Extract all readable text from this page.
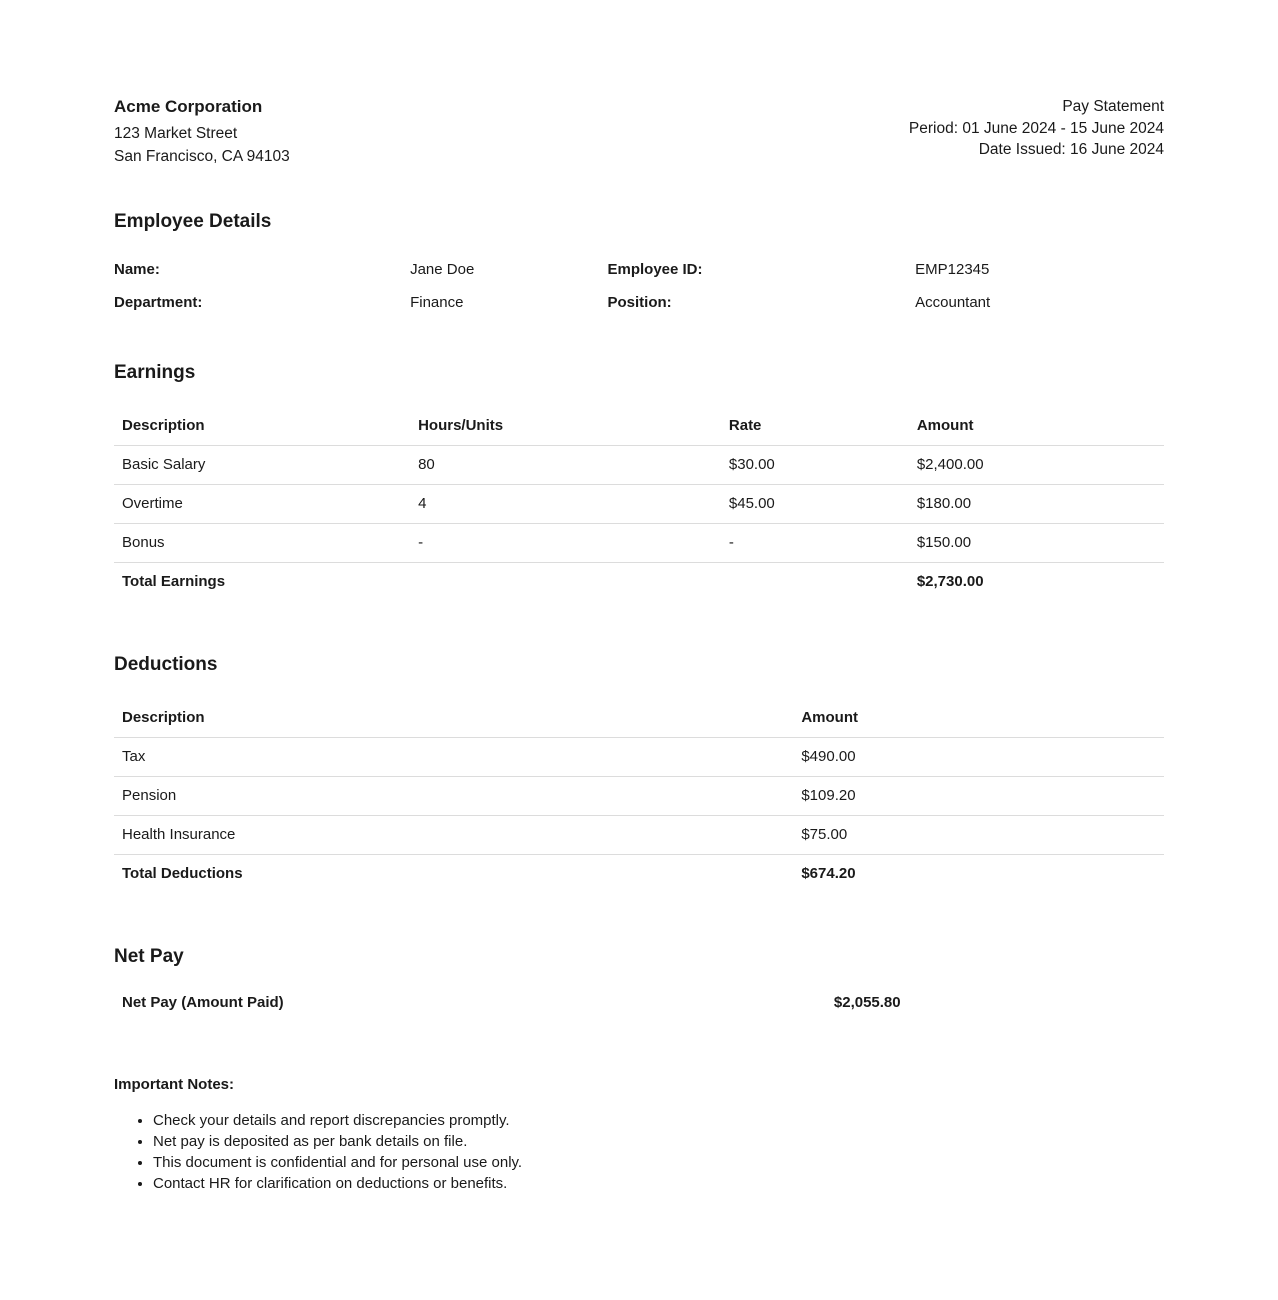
Acme Corporation
123 Market Street
San Francisco, CA 94103
Pay Statement
Period: 01 June 2024 - 15 June 2024
Date Issued: 16 June 2024
Employee Details
Name:	Jane Doe	Employee ID:	EMP12345
Department:	Finance	Position:	Accountant
Earnings
Description	Hours/Units	Rate	Amount
Basic Salary	80	$30.00	$2,400.00
Overtime	4	$45.00	$180.00
Bonus	-	-	$150.00
Total Earnings			$2,730.00
Deductions
Description	Amount
Tax	$490.00
Pension	$109.20
Health Insurance	$75.00
Total Deductions	$674.20
Net Pay
Net Pay (Amount Paid)	$2,055.80
Important Notes:
• Check your details and report discrepancies promptly.
• Net pay is deposited as per bank details on file.
• This document is confidential and for personal use only.
• Contact HR for clarification on deductions or benefits.
